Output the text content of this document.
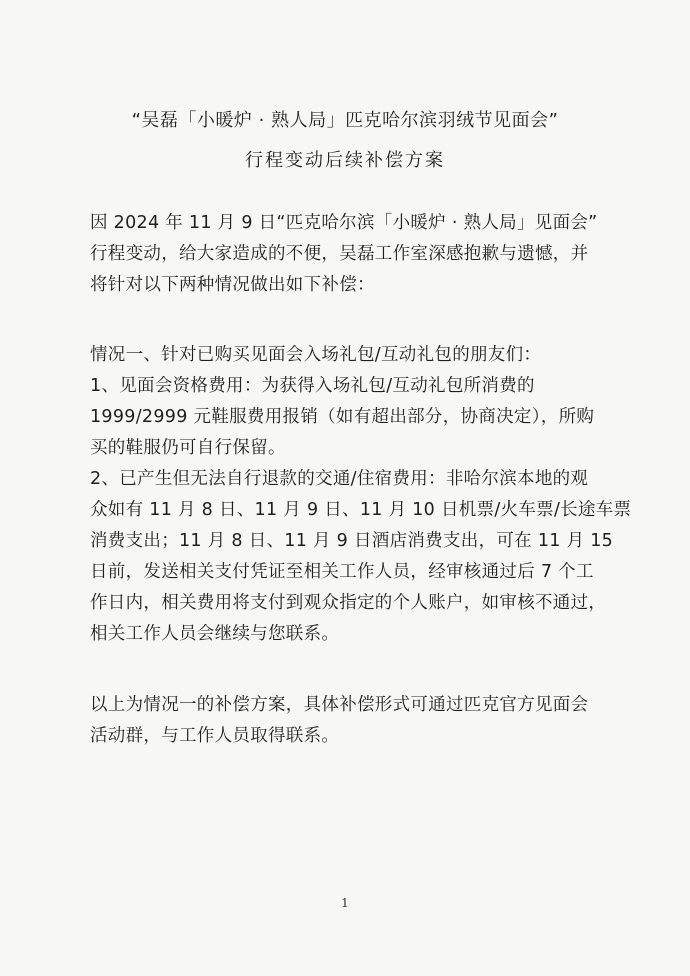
“吴磊「小暖炉 · 熟人局」匹克哈尔滨羽绒节见面会”
行程变动后续补偿方案
因 2024 年 11 月 9 日“匹克哈尔滨「小暖炉 · 熟人局」见面会”
行程变动，给大家造成的不便，吴磊工作室深感抱歉与遗憾，并
将针对以下两种情况做出如下补偿：
情况一、针对已购买见面会入场礼包/互动礼包的朋友们：
1、见面会资格费用：为获得入场礼包/互动礼包所消费的
1999/2999 元鞋服费用报销（如有超出部分，协商决定），所购
买的鞋服仍可自行保留。
2、已产生但无法自行退款的交通/住宿费用：非哈尔滨本地的观
众如有 11 月 8 日、11 月 9 日、11 月 10 日机票/火车票/长途车票
消费支出；11 月 8 日、11 月 9 日酒店消费支出，可在 11 月 15
日前，发送相关支付凭证至相关工作人员，经审核通过后 7 个工
作日内，相关费用将支付到观众指定的个人账户，如审核不通过，
相关工作人员会继续与您联系。
以上为情况一的补偿方案，具体补偿形式可通过匹克官方见面会
活动群，与工作人员取得联系。
1
